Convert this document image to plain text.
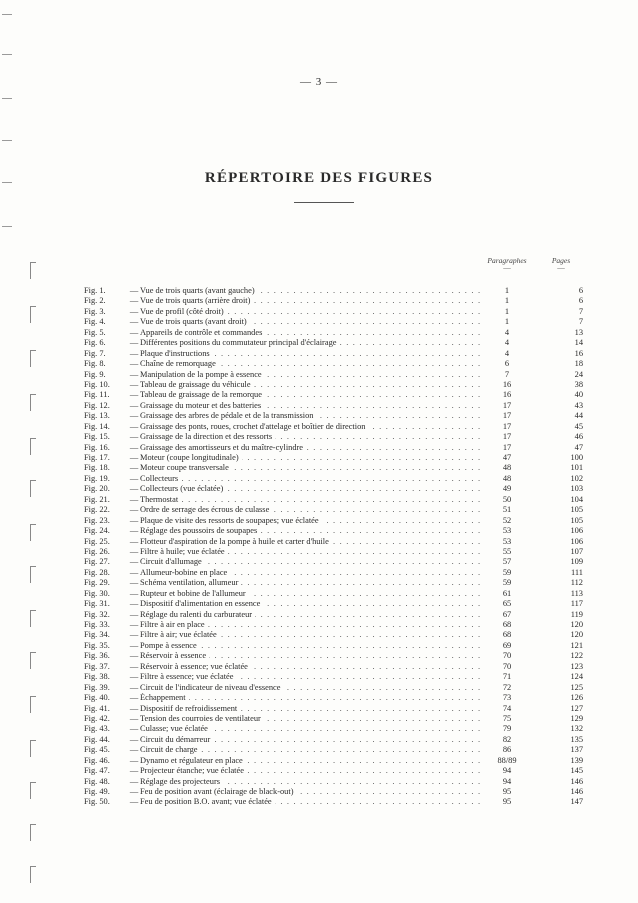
— 3 —
RÉPERTOIRE DES FIGURES
Paragraphes
—
Pages
—
Fig. 1.	— Vue de trois quarts (avant gauche) . . .	1	6
Fig. 2.	— Vue de trois quarts (arrière droit) . . .	1	6
Fig. 3.	— Vue de profil (côté droit) . . .	1	7
Fig. 4.	— Vue de trois quarts (avant droit) . . .	1	7
Fig. 5.	— Appareils de contrôle et commandes . . .	4	13
Fig. 6.	— Différentes positions du commutateur principal d'éclairage . . .	4	14
Fig. 7.	— Plaque d'instructions . . .	4	16
Fig. 8.	— Chaîne de remorquage . . .	6	18
Fig. 9.	— Manipulation de la pompe à essence . . .	7	24
Fig. 10.	— Tableau de graissage du véhicule . . .	16	38
Fig. 11.	— Tableau de graissage de la remorque . . .	16	40
Fig. 12.	— Graissage du moteur et des batteries . . .	17	43
Fig. 13.	— Graissage des arbres de pédale et de la transmission . . .	17	44
Fig. 14.	— Graissage des ponts, roues, crochet d'attelage et boîtier de direction . . .	17	45
Fig. 15.	— Graissage de la direction et des ressorts . . .	17	46
Fig. 16.	— Graissage des amortisseurs et du maître-cylindre . . .	17	47
Fig. 17.	— Moteur (coupe longitudinale) . . .	47	100
Fig. 18.	— Moteur coupe transversale . . .	48	101
Fig. 19.	— Collecteurs . . .	48	102
Fig. 20.	— Collecteurs (vue éclatée) . . .	49	103
Fig. 21.	— Thermostat . . .	50	104
Fig. 22.	— Ordre de serrage des écrous de culasse . . .	51	105
Fig. 23.	— Plaque de visite des ressorts de soupapes; vue éclatée . . .	52	105
Fig. 24.	— Réglage des poussoirs de soupapes . . .	53	106
Fig. 25.	— Flotteur d'aspiration de la pompe à huile et carter d'huile . . .	53	106
Fig. 26.	— Filtre à huile; vue éclatée . . .	55	107
Fig. 27.	— Circuit d'allumage . . .	57	109
Fig. 28.	— Allumeur-bobine en place . . .	59	111
Fig. 29.	— Schéma ventilation, allumeur . . .	59	112
Fig. 30.	— Rupteur et bobine de l'allumeur . . .	61	113
Fig. 31.	— Dispositif d'alimentation en essence . . .	65	117
Fig. 32.	— Réglage du ralenti du carburateur . . .	67	119
Fig. 33.	— Filtre à air en place . . .	68	120
Fig. 34.	— Filtre à air; vue éclatée . . .	68	120
Fig. 35.	— Pompe à essence . . .	69	121
Fig. 36.	— Réservoir à essence . . .	70	122
Fig. 37.	— Réservoir à essence; vue éclatée . . .	70	123
Fig. 38.	— Filtre à essence; vue éclatée . . .	71	124
Fig. 39.	— Circuit de l'indicateur de niveau d'essence . . .	72	125
Fig. 40.	— Échappement . . .	73	126
Fig. 41.	— Dispositif de refroidissement . . .	74	127
Fig. 42.	— Tension des courroies de ventilateur . . .	75	129
Fig. 43.	— Culasse; vue éclatée . . .	79	132
Fig. 44.	— Circuit du démarreur . . .	82	135
Fig. 45.	— Circuit de charge . . .	86	137
Fig. 46.	— Dynamo et régulateur en place . . .	88/89	139
Fig. 47.	— Projecteur étanche; vue éclatée . . .	94	145
Fig. 48.	— Réglage des projecteurs . . .	94	146
Fig. 49.	— Feu de position avant (éclairage de black-out) . . .	95	146
Fig. 50.	— Feu de position B.O. avant; vue éclatée . . .	95	147
